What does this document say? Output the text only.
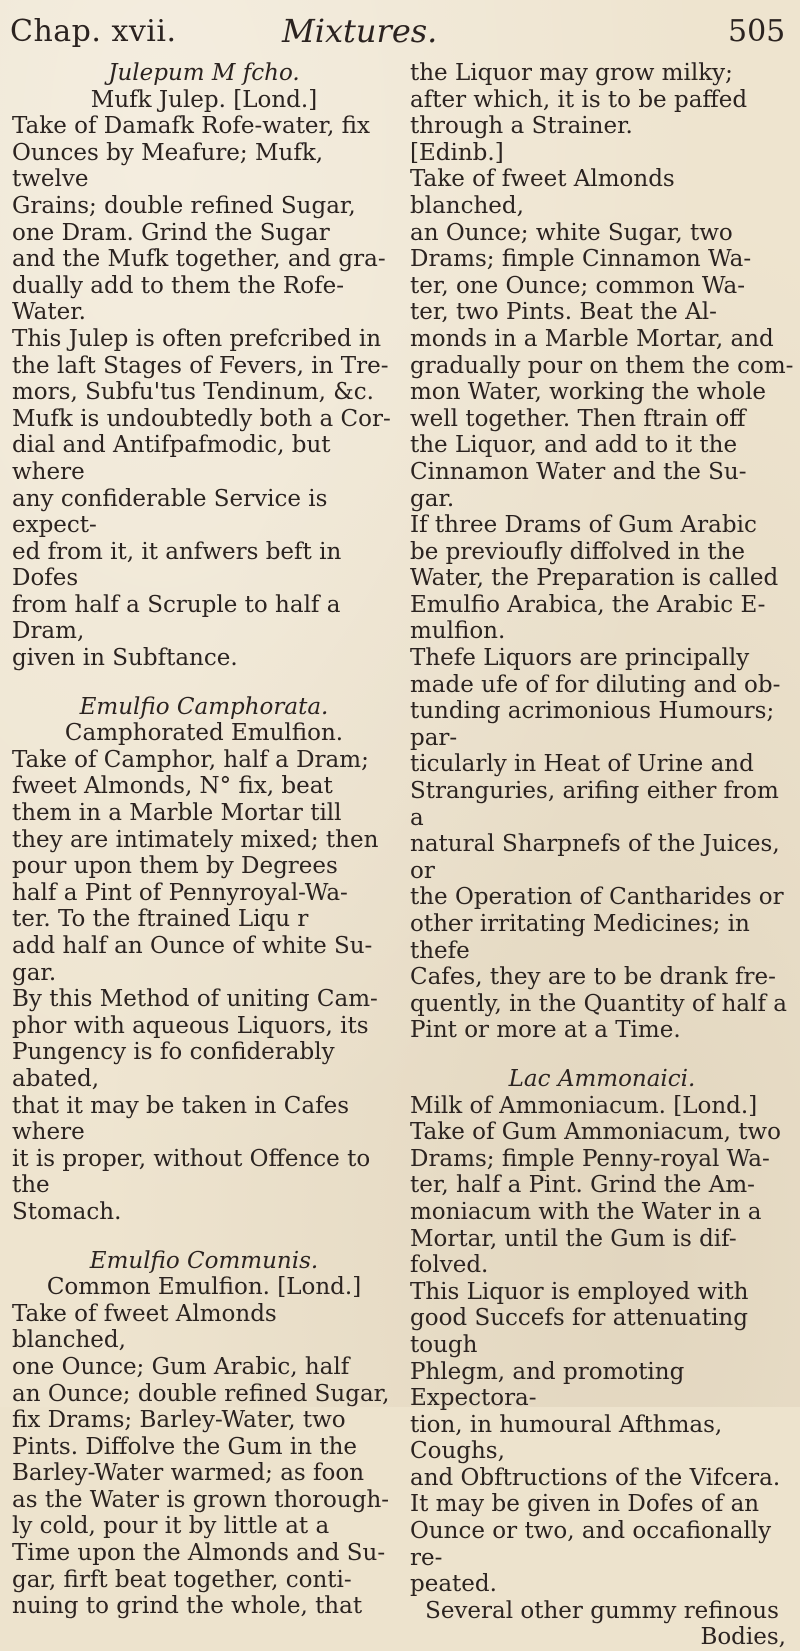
Chap. xvii.	Mixtures.	505

Julepum M fcho.

Mufk Julep. [Lond.]

Take of Damafk Rofe-water, fix
Ounces by Meafure; Mufk, twelve
Grains; double refined Sugar,
one Dram. Grind the Sugar
and the Mufk together, and gra-
dually add to them the Rofe-
Water.

This Julep is often prefcribed in
the laft Stages of Fevers, in Tre-
mors, Subfu'tus Tendinum, &c.
Mufk is undoubtedly both a Cor-
dial and Antifpafmodic, but where
any confiderable Service is expect-
ed from it, it anfwers beft in Dofes
from half a Scruple to half a Dram,
given in Subftance.

Emulfio Camphorata.

Camphorated Emulfion.

Take of Camphor, half a Dram;
fweet Almonds, N° fix, beat
them in a Marble Mortar till
they are intimately mixed; then
pour upon them by Degrees
half a Pint of Pennyroyal-Wa-
ter. To the ftrained Liqu r
add half an Ounce of white Su-
gar.

By this Method of uniting Cam-
phor with aqueous Liquors, its
Pungency is fo confiderably abated,
that it may be taken in Cafes where
it is proper, without Offence to the
Stomach.

Emulfio Communis.

Common Emulfion. [Lond.]

Take of fweet Almonds blanched,
one Ounce; Gum Arabic, half
an Ounce; double refined Sugar,
fix Drams; Barley-Water, two
Pints. Diffolve the Gum in the
Barley-Water warmed; as foon
as the Water is grown thorough-
ly cold, pour it by little at a
Time upon the Almonds and Su-
gar, firft beat together, conti-
nuing to grind the whole, that

the Liquor may grow milky;
after which, it is to be paffed
through a Strainer.
[Edinb.]

Take of fweet Almonds blanched,
an Ounce; white Sugar, two
Drams; fimple Cinnamon Wa-
ter, one Ounce; common Wa-
ter, two Pints. Beat the Al-
monds in a Marble Mortar, and
gradually pour on them the com-
mon Water, working the whole
well together. Then ftrain off
the Liquor, and add to it the
Cinnamon Water and the Su-
gar.

If three Drams of Gum Arabic
be previoufly diffolved in the
Water, the Preparation is called
Emulfio Arabica, the Arabic E-
mulfion.

Thefe Liquors are principally
made ufe of for diluting and ob-
tunding acrimonious Humours; par-
ticularly in Heat of Urine and
Stranguries, arifing either from a
natural Sharpnefs of the Juices, or
the Operation of Cantharides or
other irritating Medicines; in thefe
Cafes, they are to be drank fre-
quently, in the Quantity of half a
Pint or more at a Time.

Lac Ammonaici.

Milk of Ammoniacum. [Lond.]

Take of Gum Ammoniacum, two
Drams; fimple Penny-royal Wa-
ter, half a Pint. Grind the Am-
moniacum with the Water in a
Mortar, until the Gum is dif-
folved.

This Liquor is employed with
good Succefs for attenuating tough
Phlegm, and promoting Expectora-
tion, in humoural Afthmas, Coughs,
and Obftructions of the Vifcera.
It may be given in Dofes of an
Ounce or two, and occafionally re-
peated.

Several other gummy refinous

Bodies,
